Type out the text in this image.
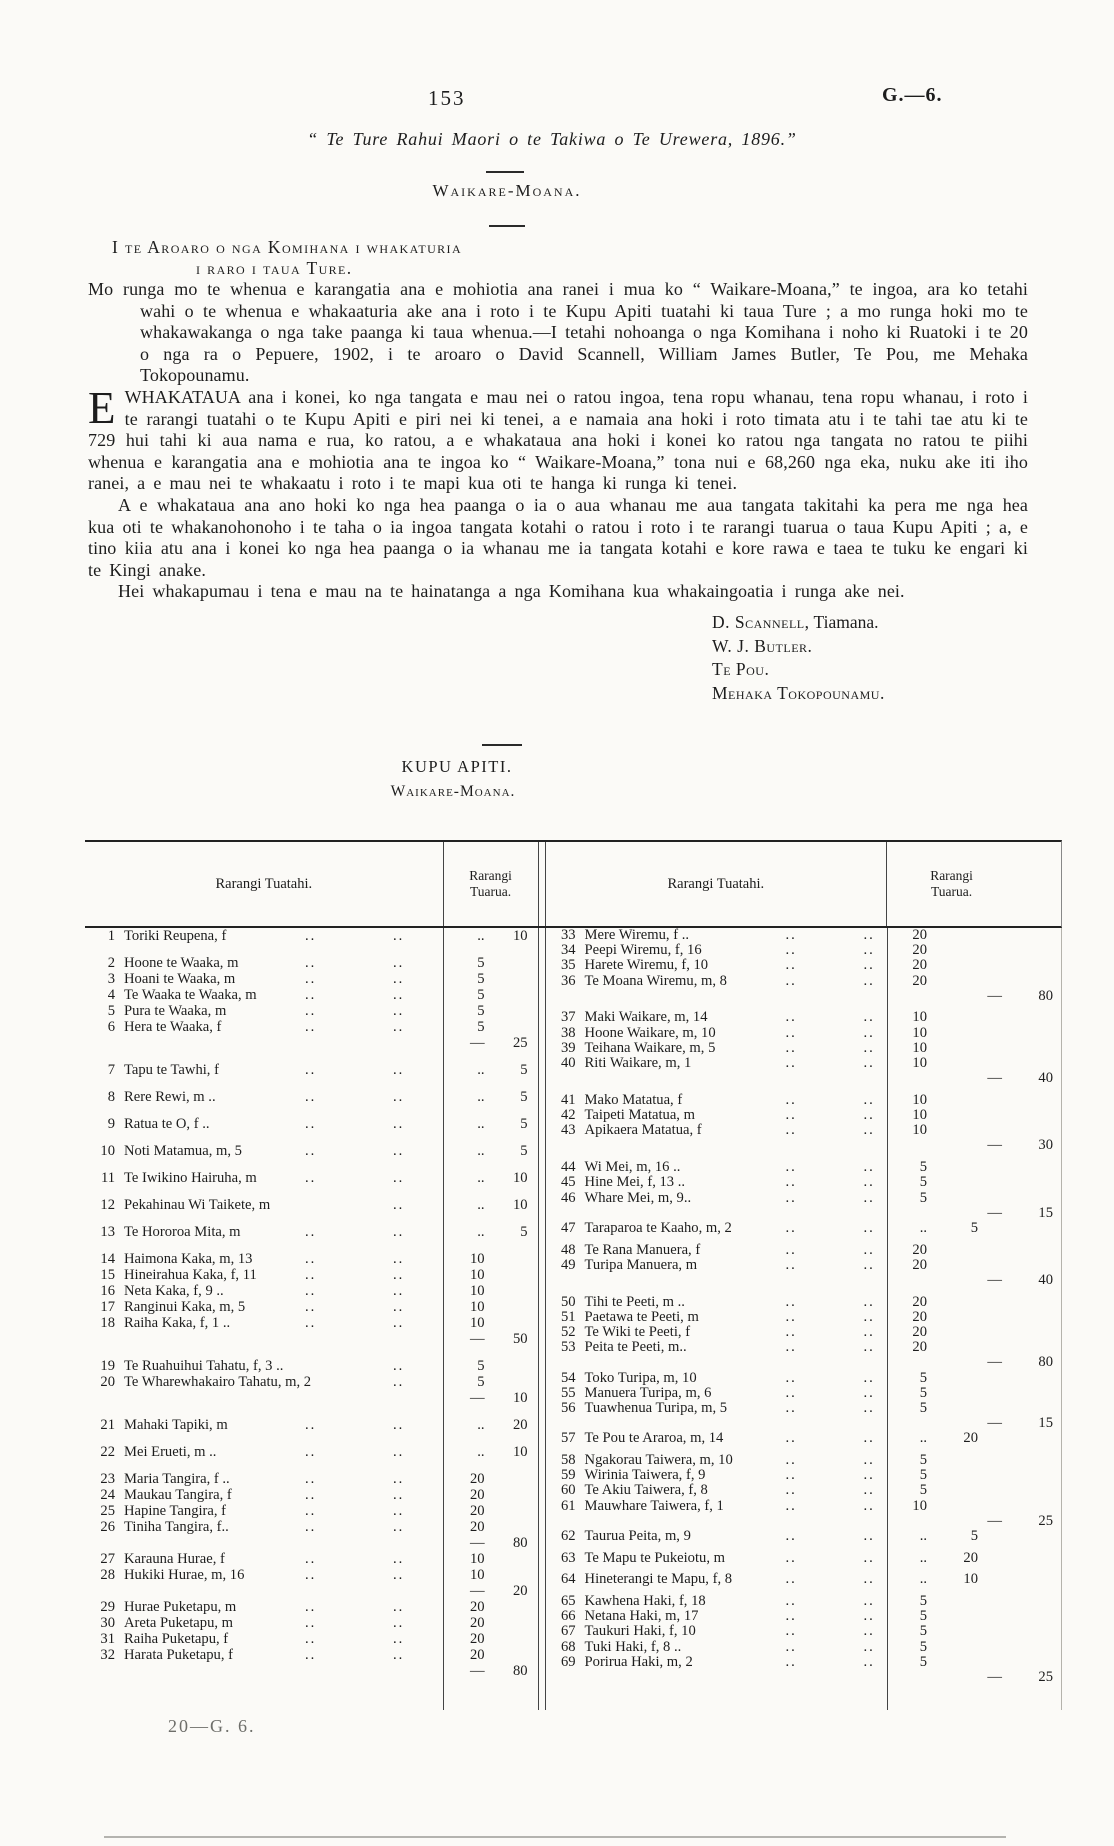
153	G.—6.
“ Te Ture Rahui Maori o te Takiwa o Te Urewera, 1896.”
Waikare-Moana.
I te Aroaro o nga Komihana i whakaturia
i raro i taua Ture.

Mo runga mo te whenua e karangatia ana e mohiotia ana ranei i mua ko “ Waikare-Moana,” te ingoa, ara ko tetahi wahi o te whenua e whakaaturia ake ana i roto i te Kupu Apiti tuatahi ki taua Ture ; a mo runga hoki mo te whakawakanga o nga take paanga ki taua whenua.—I tetahi nohoanga o nga Komihana i noho ki Ruatoki i te 20 o nga ra o Pepuere, 1902, i te aroaro o David Scannell, William James Butler, Te Pou, me Mehaka Tokopounamu.

EWHAKATAUA ana i konei, ko nga tangata e mau nei o ratou ingoa, tena ropu whanau, tena ropu whanau, i roto i te rarangi tuatahi o te Kupu Apiti e piri nei ki tenei, a e namaia ana hoki i roto timata atu i te tahi tae atu ki te 729 hui tahi ki aua nama e rua, ko ratou, a e whakataua ana hoki i konei ko ratou nga tangata no ratou te piihi whenua e karangatia ana e mohiotia ana te ingoa ko “ Waikare-Moana,” tona nui e 68,260 nga eka, nuku ake iti iho ranei, a e mau nei te whakaatu i roto i te mapi kua oti te hanga ki runga ki tenei.

A e whakataua ana ano hoki ko nga hea paanga o ia o aua whanau me aua tangata takitahi ka pera me nga hea kua oti te whakanohonoho i te taha o ia ingoa tangata kotahi o ratou i roto i te rarangi tuarua o taua Kupu Apiti ; a, e tino kiia atu ana i konei ko nga hea paanga o ia whanau me ia tangata kotahi e kore rawa e taea te tuku ke engari ki te Kingi anake.

Hei whakapumau i tena e mau na te hainatanga a nga Komihana kua whakaingoatia i runga ake nei.

D. Scannell, Tiamana.
W. J. Butler.
Te Pou.
Mehaka Tokopounamu.
KUPU APITI.
Waikare-Moana.
Rarangi Tuatahi.	Rarangi Tuarua.	Rarangi Tuatahi.	Rarangi Tuarua.
1 Toriki Reupena, f	..	..	..	10
2 Hoone te Waaka, m	..	..	5
3 Hoani te Waaka, m	..	..	5
4 Te Waaka te Waaka, m	..	..	5
5 Pura te Waaka, m	..	..	5
6 Hera te Waaka, f	..	..	5
—	25
7 Tapu te Tawhi, f	..	..	..	5
8 Rere Rewi, m ..	..	..	..	5
9 Ratua te O, f ..	..	..	..	5
10 Noti Matamua, m, 5	..	..	..	5
11 Te Iwikino Hairuha, m	..	..	..	10
12 Pekahinau Wi Taikete, m	..	..	10
13 Te Hororoa Mita, m	..	..	..	5
14 Haimona Kaka, m, 13	..	..	10
15 Hineirahua Kaka, f, 11	..	..	10
16 Neta Kaka, f, 9 ..	..	..	10
17 Ranginui Kaka, m, 5	..	..	10
18 Raiha Kaka, f, 1 ..	..	..	10
—	50
19 Te Ruahuihui Tahatu, f, 3 ..	..	5
20 Te Wharewhakairo Tahatu, m, 2	..	5
—	10
21 Mahaki Tapiki, m	..	..	..	20
22 Mei Erueti, m ..	..	..	..	10
23 Maria Tangira, f ..	..	..	20
24 Maukau Tangira, f	..	..	20
25 Hapine Tangira, f	..	..	20
26 Tiniha Tangira, f..	..	..	20
—	80
27 Karauna Hurae, f	..	..	10
28 Hukiki Hurae, m, 16	..	..	10
—	20
29 Hurae Puketapu, m	..	..	20
30 Areta Puketapu, m	..	..	20
31 Raiha Puketapu, f	..	..	20
32 Harata Puketapu, f	..	..	20
—	80
33 Mere Wiremu, f ..	..	..	20
34 Peepi Wiremu, f, 16	..	..	20
35 Harete Wiremu, f, 10	..	..	20
36 Te Moana Wiremu, m, 8	..	..	20
—	80
37 Maki Waikare, m, 14	..	..	10
38 Hoone Waikare, m, 10	..	..	10
39 Teihana Waikare, m, 5	..	..	10
40 Riti Waikare, m, 1	..	..	10
—	40
41 Mako Matatua, f	..	..	10
42 Taipeti Matatua, m	..	..	10
43 Apikaera Matatua, f	..	..	10
—	30
44 Wi Mei, m, 16 ..	..	..	5
45 Hine Mei, f, 13 ..	..	..	5
46 Whare Mei, m, 9..	..	..	5
—	15
47 Taraparoa te Kaaho, m, 2	..	..	..	5
48 Te Rana Manuera, f	..	..	20
49 Turipa Manuera, m	..	..	20
—	40
50 Tihi te Peeti, m ..	..	..	20
51 Paetawa te Peeti, m	..	..	20
52 Te Wiki te Peeti, f	..	..	20
53 Peita te Peeti, m..	..	..	20
—	80
54 Toko Turipa, m, 10	..	..	5
55 Manuera Turipa, m, 6	..	..	5
56 Tuawhenua Turipa, m, 5	..	..	5
—	15
57 Te Pou te Araroa, m, 14	..	..	..	20
58 Ngakorau Taiwera, m, 10	..	..	5
59 Wirinia Taiwera, f, 9	..	..	5
60 Te Akiu Taiwera, f, 8	..	..	5
61 Mauwhare Taiwera, f, 1	..	..	10
—	25
62 Taurua Peita, m, 9	..	..	..	5
63 Te Mapu te Pukeiotu, m	..	..	..	20
64 Hineterangi te Mapu, f, 8	..	..	..	10
65 Kawhena Haki, f, 18	..	..	5
66 Netana Haki, m, 17	..	..	5
67 Taukuri Haki, f, 10	..	..	5
68 Tuki Haki, f, 8 ..	..	..	5
69 Porirua Haki, m, 2	..	..	5
—	25
20—G. 6.
